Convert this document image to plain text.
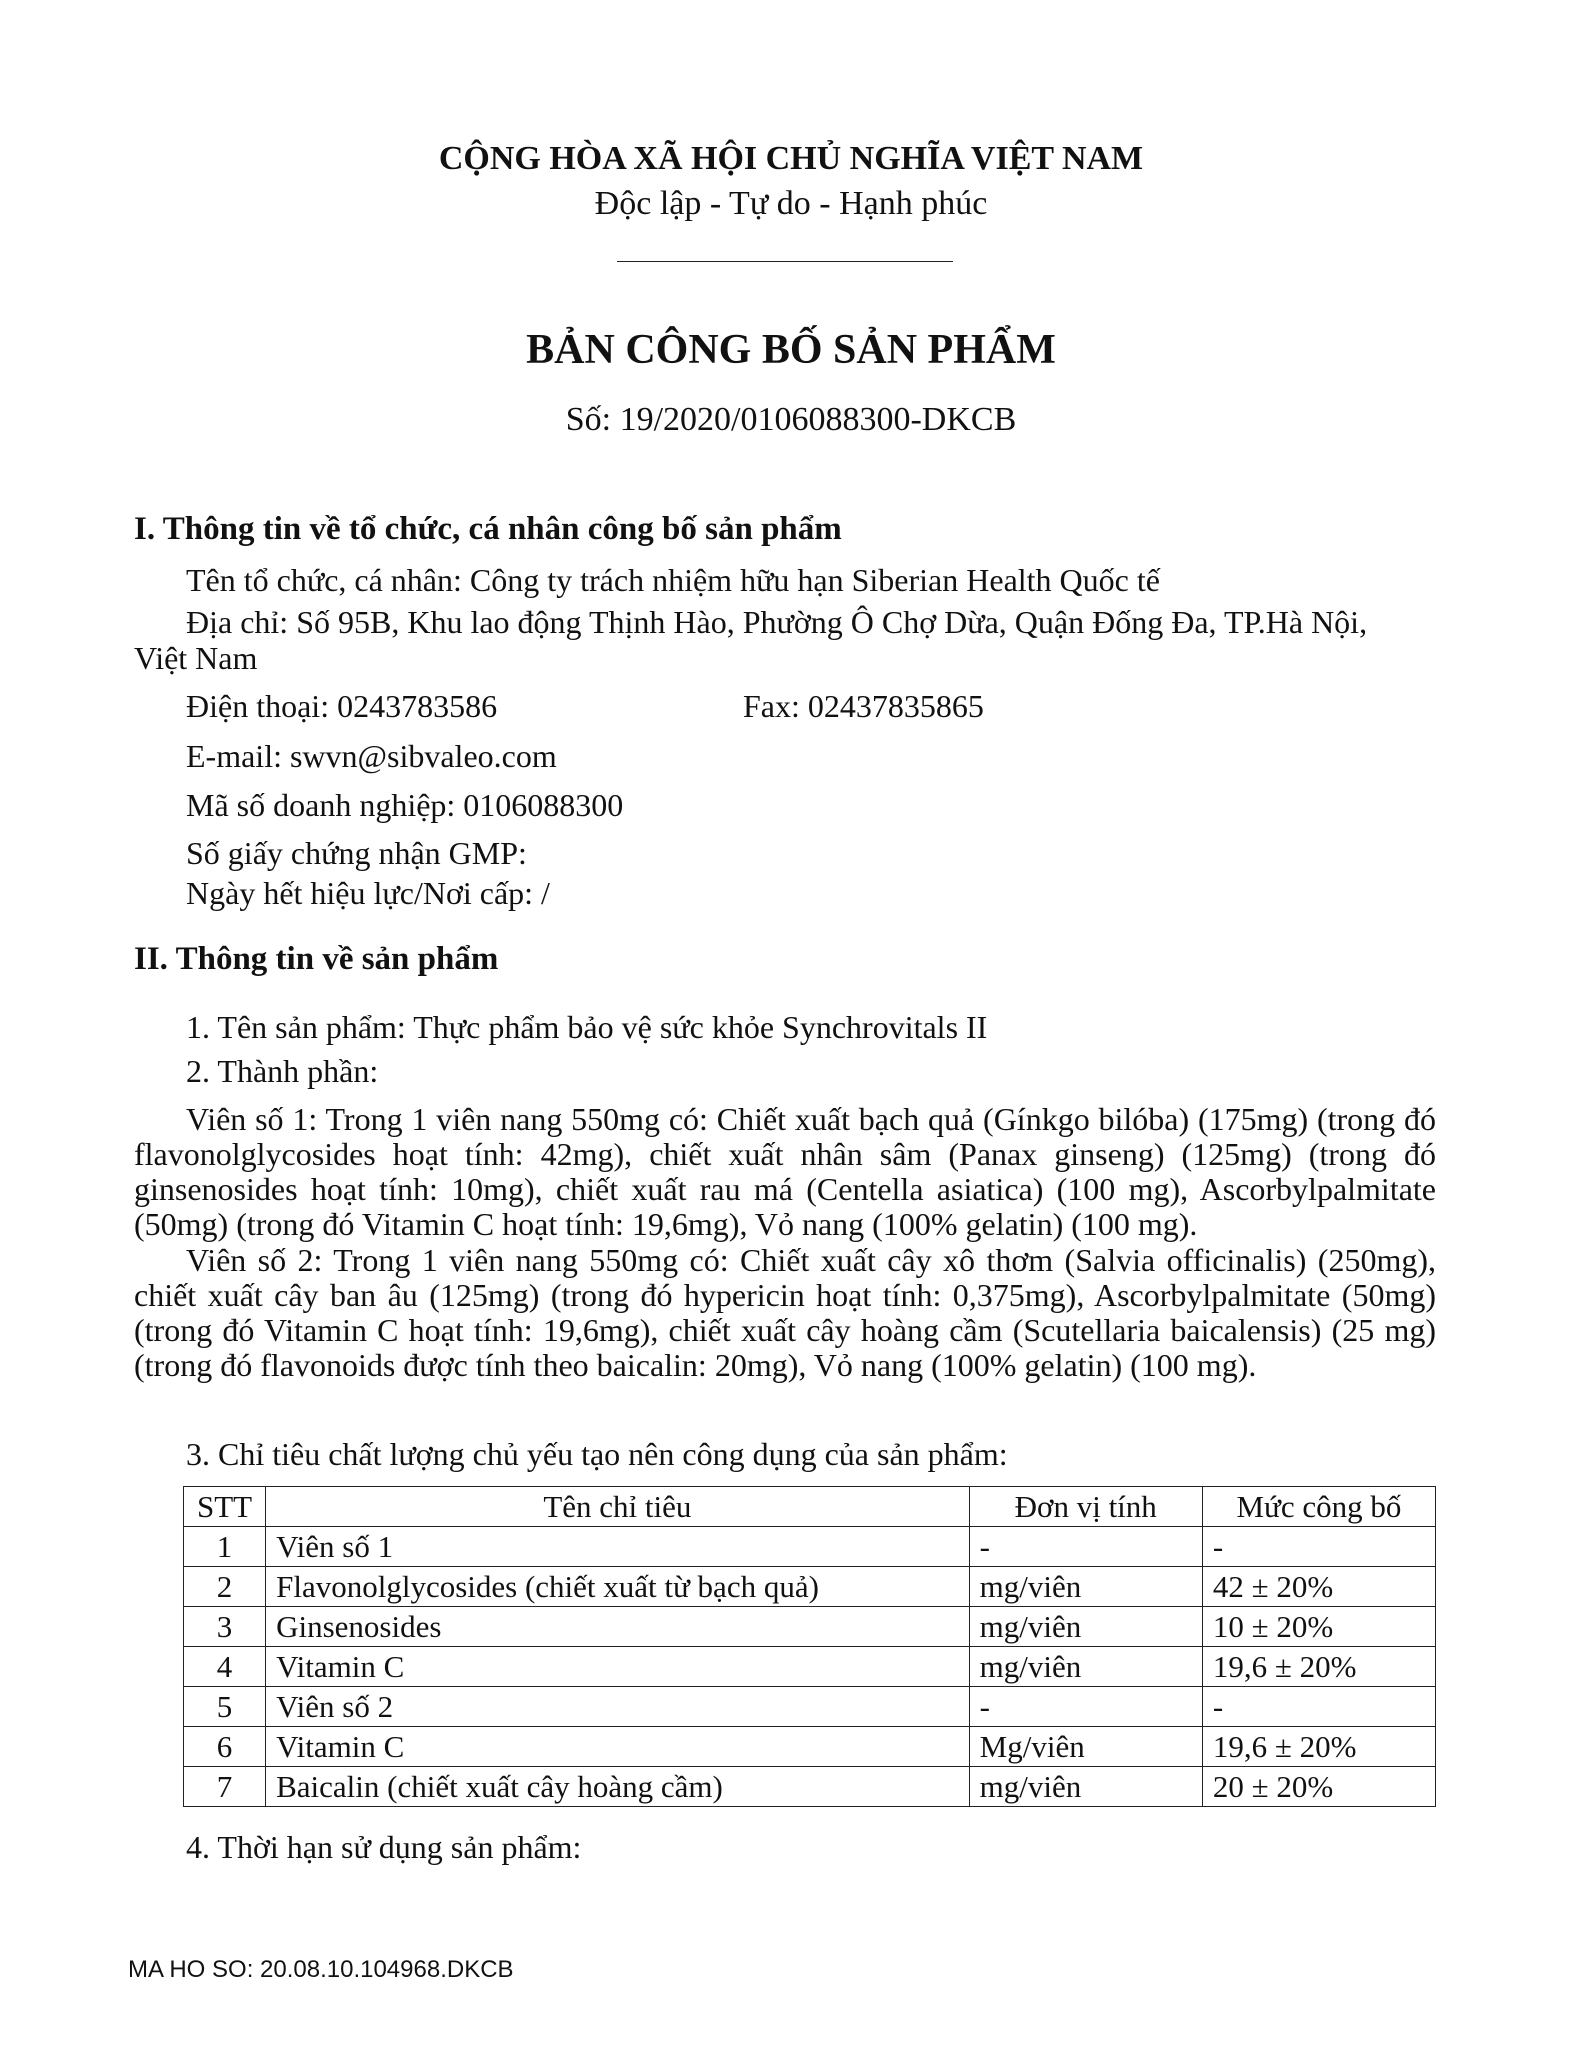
CỘNG HÒA XÃ HỘI CHỦ NGHĨA VIỆT NAM
Độc lập - Tự do - Hạnh phúc
BẢN CÔNG BỐ SẢN PHẨM
Số: 19/2020/0106088300-DKCB
I. Thông tin về tổ chức, cá nhân công bố sản phẩm
Tên tổ chức, cá nhân: Công ty trách nhiệm hữu hạn Siberian Health Quốc tế
Địa chỉ: Số 95B, Khu lao động Thịnh Hào, Phường Ô Chợ Dừa, Quận Đống Đa, TP.Hà Nội,
Việt Nam
Điện thoại: 0243783586	Fax: 02437835865
E-mail: swvn@sibvaleo.com
Mã số doanh nghiệp: 0106088300
Số giấy chứng nhận GMP:
Ngày hết hiệu lực/Nơi cấp: /
II. Thông tin về sản phẩm
1. Tên sản phẩm: Thực phẩm bảo vệ sức khỏe Synchrovitals II
2. Thành phần:
Viên số 1: Trong 1 viên nang 550mg có: Chiết xuất bạch quả (Gínkgo bilóba) (175mg) (trong đó flavonolglycosides hoạt tính: 42mg), chiết xuất nhân sâm (Panax ginseng) (125mg) (trong đó ginsenosides hoạt tính: 10mg), chiết xuất rau má (Centella asiatica) (100 mg), Ascorbylpalmitate (50mg) (trong đó Vitamin C hoạt tính: 19,6mg), Vỏ nang (100% gelatin) (100 mg).
Viên số 2: Trong 1 viên nang 550mg có: Chiết xuất cây xô thơm (Salvia officinalis) (250mg), chiết xuất cây ban âu (125mg) (trong đó hypericin hoạt tính: 0,375mg), Ascorbylpalmitate (50mg) (trong đó Vitamin C hoạt tính: 19,6mg), chiết xuất cây hoàng cầm (Scutellaria baicalensis) (25 mg) (trong đó flavonoids được tính theo baicalin: 20mg), Vỏ nang (100% gelatin) (100 mg).
3. Chỉ tiêu chất lượng chủ yếu tạo nên công dụng của sản phẩm:
STT	Tên chỉ tiêu	Đơn vị tính	Mức công bố
1	Viên số 1	-	-
2	Flavonolglycosides (chiết xuất từ bạch quả)	mg/viên	42 ± 20%
3	Ginsenosides	mg/viên	10 ± 20%
4	Vitamin C	mg/viên	19,6 ± 20%
5	Viên số 2	-	-
6	Vitamin C	Mg/viên	19,6 ± 20%
7	Baicalin (chiết xuất cây hoàng cầm)	mg/viên	20 ± 20%
4. Thời hạn sử dụng sản phẩm:
MA HO SO: 20.08.10.104968.DKCB
